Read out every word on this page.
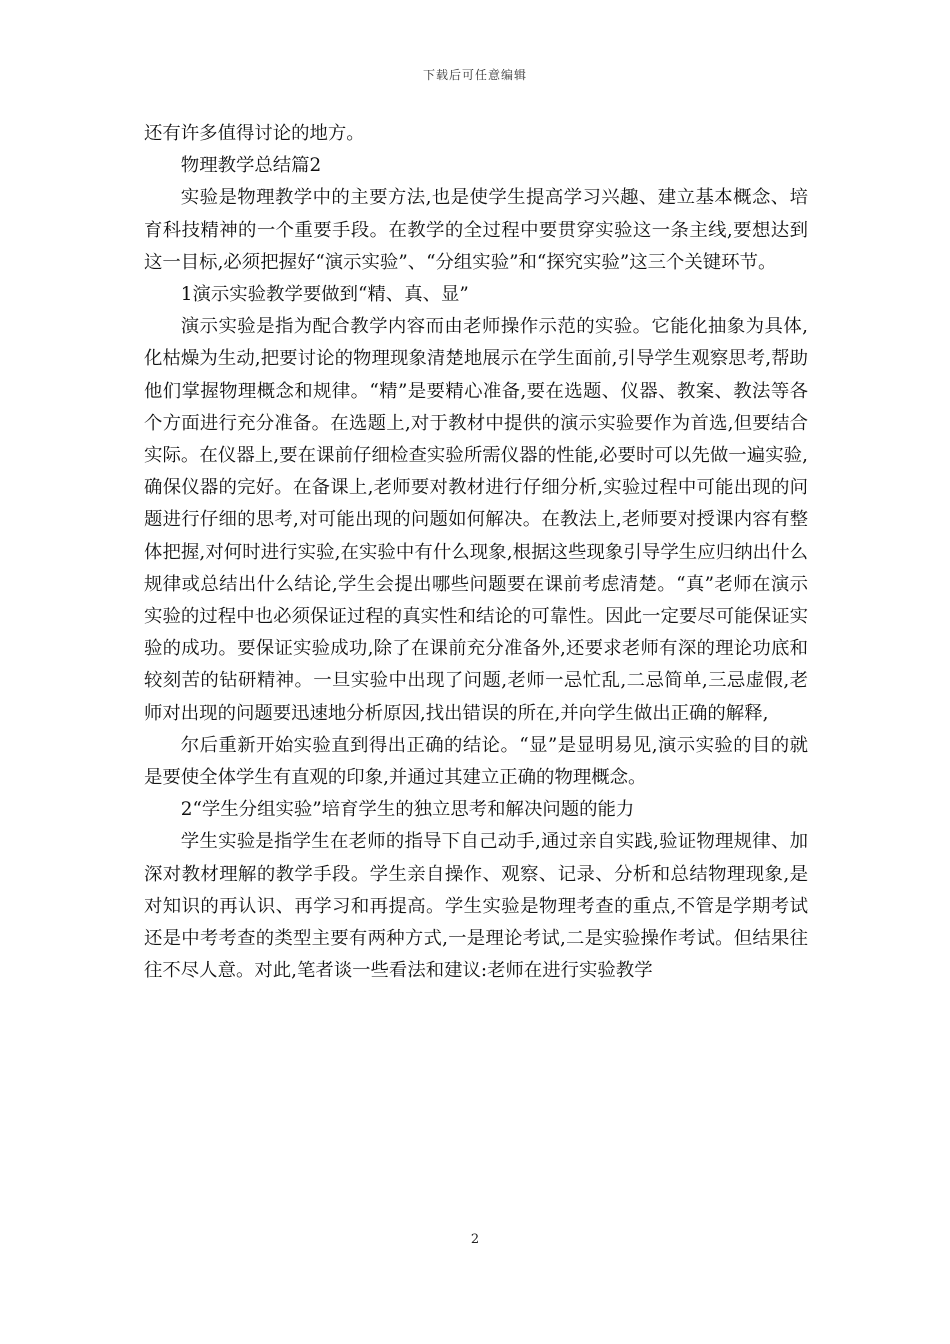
下载后可任意编辑

还有许多值得讨论的地方。

物理教学总结篇2

实验是物理教学中的主要方法,也是使学生提高学习兴趣、建立基本概念、培育科技精神的一个重要手段。在教学的全过程中要贯穿实验这一条主线,要想达到这一目标,必须把握好“演示实验”、“分组实验”和“探究实验”这三个关键环节。

1演示实验教学要做到“精、真、显”

演示实验是指为配合教学内容而由老师操作示范的实验。它能化抽象为具体,化枯燥为生动,把要讨论的物理现象清楚地展示在学生面前,引导学生观察思考,帮助他们掌握物理概念和规律。“精”是要精心准备,要在选题、仪器、教案、教法等各个方面进行充分准备。在选题上,对于教材中提供的演示实验要作为首选,但要结合实际。在仪器上,要在课前仔细检查实验所需仪器的性能,必要时可以先做一遍实验,确保仪器的完好。在备课上,老师要对教材进行仔细分析,实验过程中可能出现的问题进行仔细的思考,对可能出现的问题如何解决。在教法上,老师要对授课内容有整体把握,对何时进行实验,在实验中有什么现象,根据这些现象引导学生应归纳出什么规律或总结出什么结论,学生会提出哪些问题要在课前考虑清楚。“真”老师在演示实验的过程中也必须保证过程的真实性和结论的可靠性。因此一定要尽可能保证实验的成功。要保证实验成功,除了在课前充分准备外,还要求老师有深的理论功底和较刻苦的钻研精神。一旦实验中出现了问题,老师一忌忙乱,二忌简单,三忌虚假,老师对出现的问题要迅速地分析原因,找出错误的所在,并向学生做出正确的解释,

尔后重新开始实验直到得出正确的结论。“显”是显明易见,演示实验的目的就是要使全体学生有直观的印象,并通过其建立正确的物理概念。

2“学生分组实验”培育学生的独立思考和解决问题的能力

学生实验是指学生在老师的指导下自己动手,通过亲自实践,验证物理规律、加深对教材理解的教学手段。学生亲自操作、观察、记录、分析和总结物理现象,是对知识的再认识、再学习和再提高。学生实验是物理考查的重点,不管是学期考试还是中考考查的类型主要有两种方式,一是理论考试,二是实验操作考试。但结果往往不尽人意。对此,笔者谈一些看法和建议:老师在进行实验教学

2
